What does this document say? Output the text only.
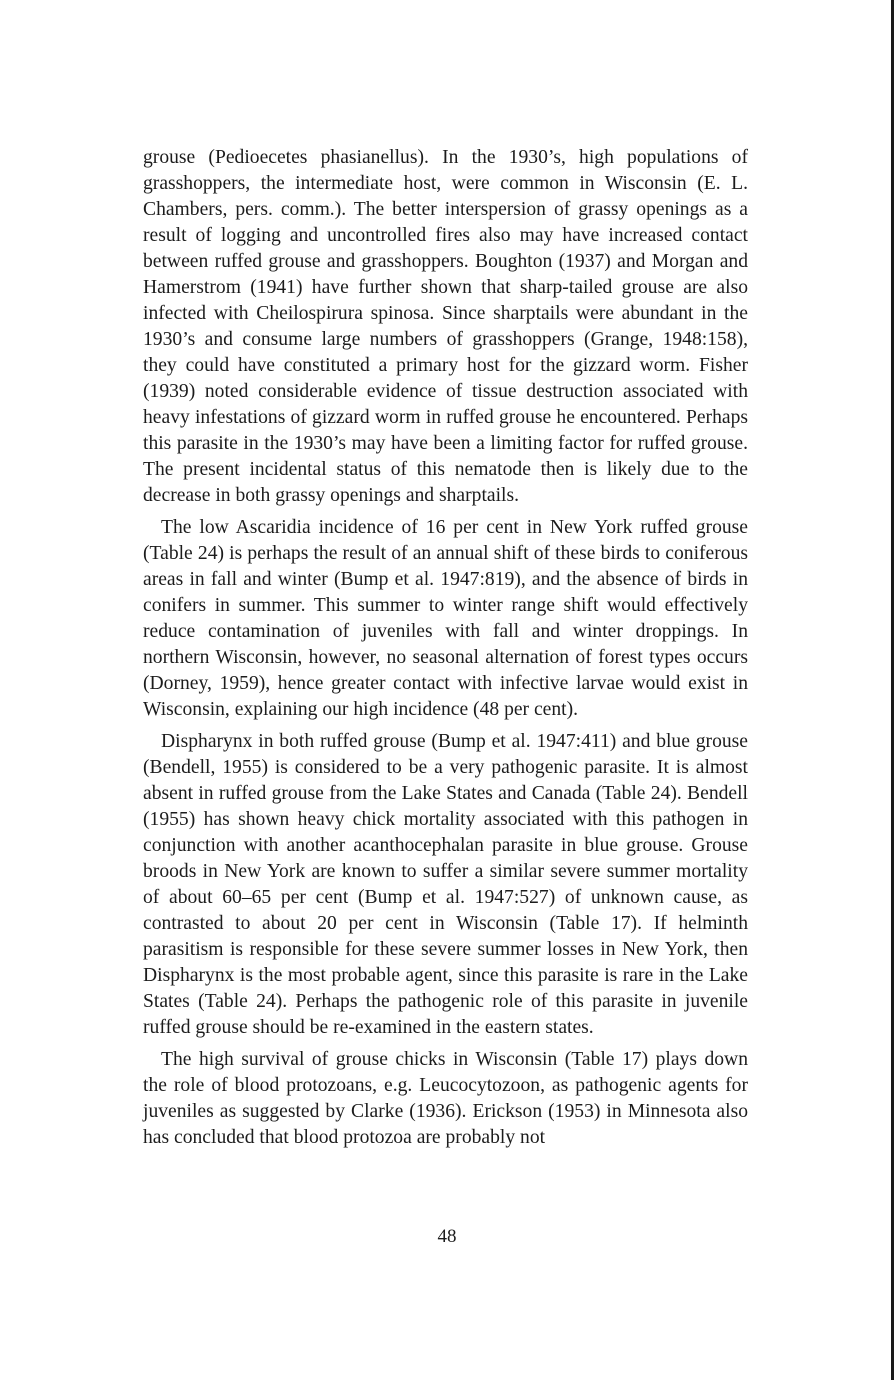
grouse (Pedioecetes phasianellus). In the 1930’s, high populations of grasshoppers, the intermediate host, were common in Wisconsin (E. L. Chambers, pers. comm.). The better interspersion of grassy openings as a result of logging and uncontrolled fires also may have increased contact between ruffed grouse and grasshoppers. Boughton (1937) and Morgan and Hamerstrom (1941) have further shown that sharp-tailed grouse are also infected with Cheilospirura spinosa. Since sharptails were abundant in the 1930’s and consume large numbers of grasshoppers (Grange, 1948:158), they could have constituted a primary host for the gizzard worm. Fisher (1939) noted considerable evidence of tissue destruction associated with heavy infestations of gizzard worm in ruffed grouse he encountered. Perhaps this parasite in the 1930’s may have been a limiting factor for ruffed grouse. The present incidental status of this nematode then is likely due to the decrease in both grassy openings and sharptails.

The low Ascaridia incidence of 16 per cent in New York ruffed grouse (Table 24) is perhaps the result of an annual shift of these birds to coniferous areas in fall and winter (Bump et al. 1947:819), and the absence of birds in conifers in summer. This summer to winter range shift would effectively reduce contamination of juveniles with fall and winter droppings. In northern Wisconsin, however, no seasonal alternation of forest types occurs (Dorney, 1959), hence greater contact with infective larvae would exist in Wisconsin, explaining our high incidence (48 per cent).

Dispharynx in both ruffed grouse (Bump et al. 1947:411) and blue grouse (Bendell, 1955) is considered to be a very pathogenic parasite. It is almost absent in ruffed grouse from the Lake States and Canada (Table 24). Bendell (1955) has shown heavy chick mortality associated with this pathogen in conjunction with another acanthocephalan parasite in blue grouse. Grouse broods in New York are known to suffer a similar severe summer mortality of about 60–65 per cent (Bump et al. 1947:527) of unknown cause, as contrasted to about 20 per cent in Wisconsin (Table 17). If helminth parasitism is responsible for these severe summer losses in New York, then Dispharynx is the most probable agent, since this parasite is rare in the Lake States (Table 24). Perhaps the pathogenic role of this parasite in juvenile ruffed grouse should be re-examined in the eastern states.

The high survival of grouse chicks in Wisconsin (Table 17) plays down the role of blood protozoans, e.g. Leucocytozoon, as pathogenic agents for juveniles as suggested by Clarke (1936). Erickson (1953) in Minnesota also has concluded that blood protozoa are probably not

48
